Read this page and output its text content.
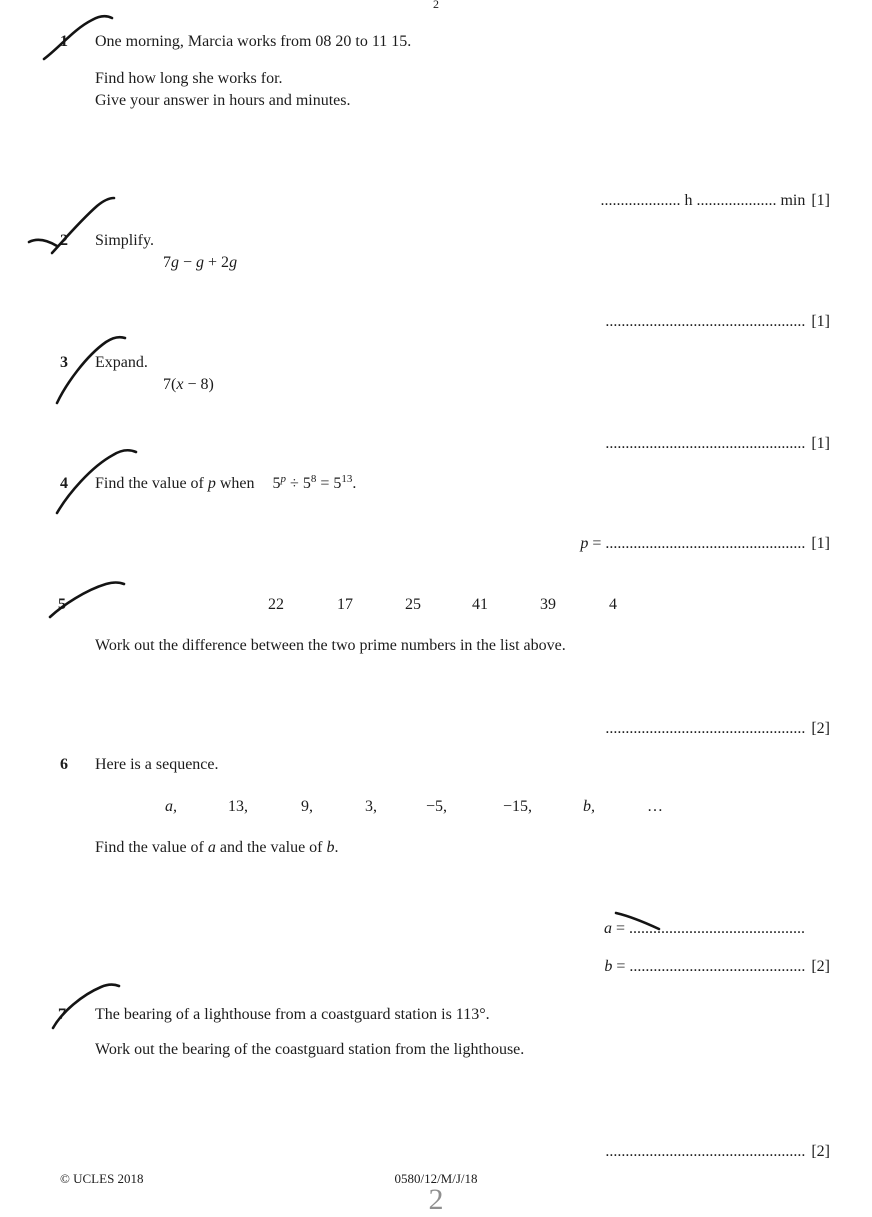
2
1 One morning, Marcia works from 08 20 to 11 15.
Find how long she works for.
Give your answer in hours and minutes.
.................... h .................... min [1]
2 Simplify.
7g − g + 2g
.................................................. [1]
3 Expand.
7(x − 8)
.................................................. [1]
4 Find the value of p when $5^p \div 5^8 = 5^{13}$.
p = .................................................. [1]
5	22	17	25	41	39	4
Work out the difference between the two prime numbers in the list above.
.................................................. [2]
6 Here is a sequence.
a,	13,	9,	3,	−5,	−15,	b,	…
Find the value of a and the value of b.
a = ............................................
b = ............................................ [2]
7 The bearing of a lighthouse from a coastguard station is 113°.
Work out the bearing of the coastguard station from the lighthouse.
.................................................. [2]
© UCLES 2018	0580/12/M/J/18
2
